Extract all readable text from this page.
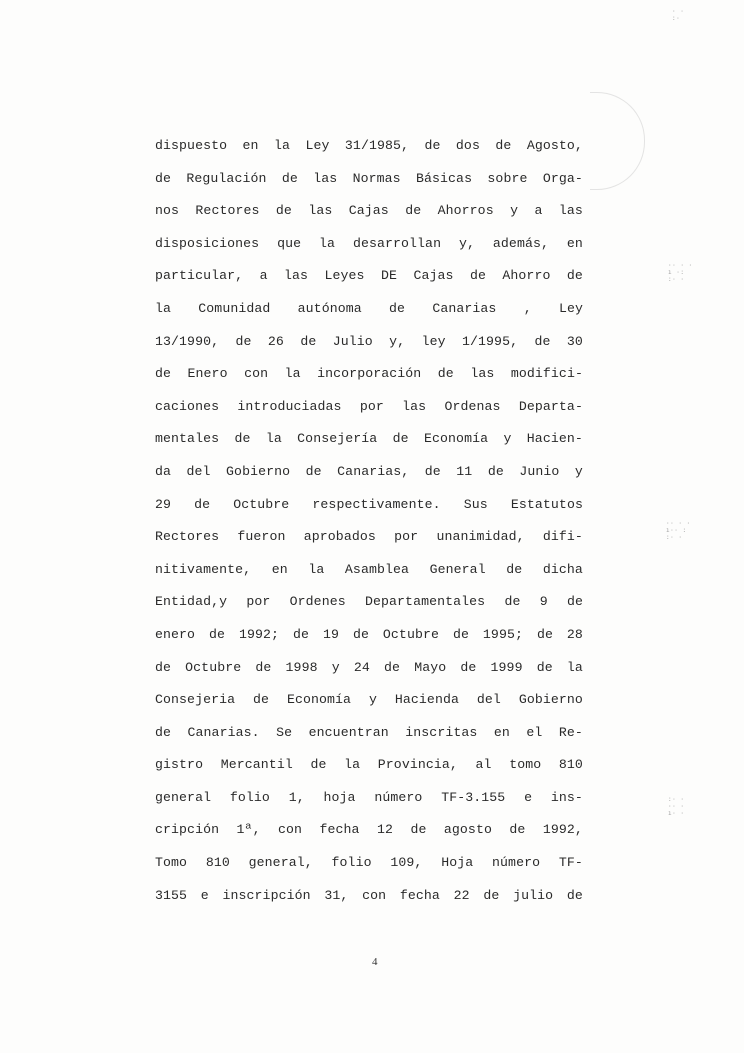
·· · ·
ı ·:
:· ·
·· · ·
ı·· :
:· ·
:· ·
·· ·
ı· ·
· ·
:·
dispuesto en la Ley 31/1985, de dos de Agosto,
de Regulación de las Normas Básicas sobre Orga-
nos Rectores de las Cajas de Ahorros y a las
disposiciones que la desarrollan y, además, en
particular, a las Leyes DE Cajas de Ahorro de
la Comunidad autónoma de Canarias , Ley
13/1990, de 26 de Julio y, ley 1/1995, de 30
de Enero con la incorporación de las modifici-
caciones introduciadas por las Ordenas Departa-
mentales de la Consejería de Economía y Hacien-
da del Gobierno de Canarias, de 11 de Junio y
29 de Octubre respectivamente. Sus Estatutos
Rectores fueron aprobados por unanimidad, difi-
nitivamente, en la Asamblea General de dicha
Entidad,y por Ordenes Departamentales de 9 de
enero de 1992; de 19 de Octubre de 1995; de 28
de Octubre de 1998 y 24 de Mayo de 1999 de la
Consejeria de Economía y Hacienda del Gobierno
de Canarias. Se encuentran inscritas en el Re-
gistro Mercantil de la Provincia, al tomo 810
general folio 1, hoja número TF-3.155 e ins-
cripción 1ª, con fecha 12 de agosto de 1992,
Tomo 810 general, folio 109, Hoja número TF-
3155 e inscripción 31, con fecha 22 de julio de
4
